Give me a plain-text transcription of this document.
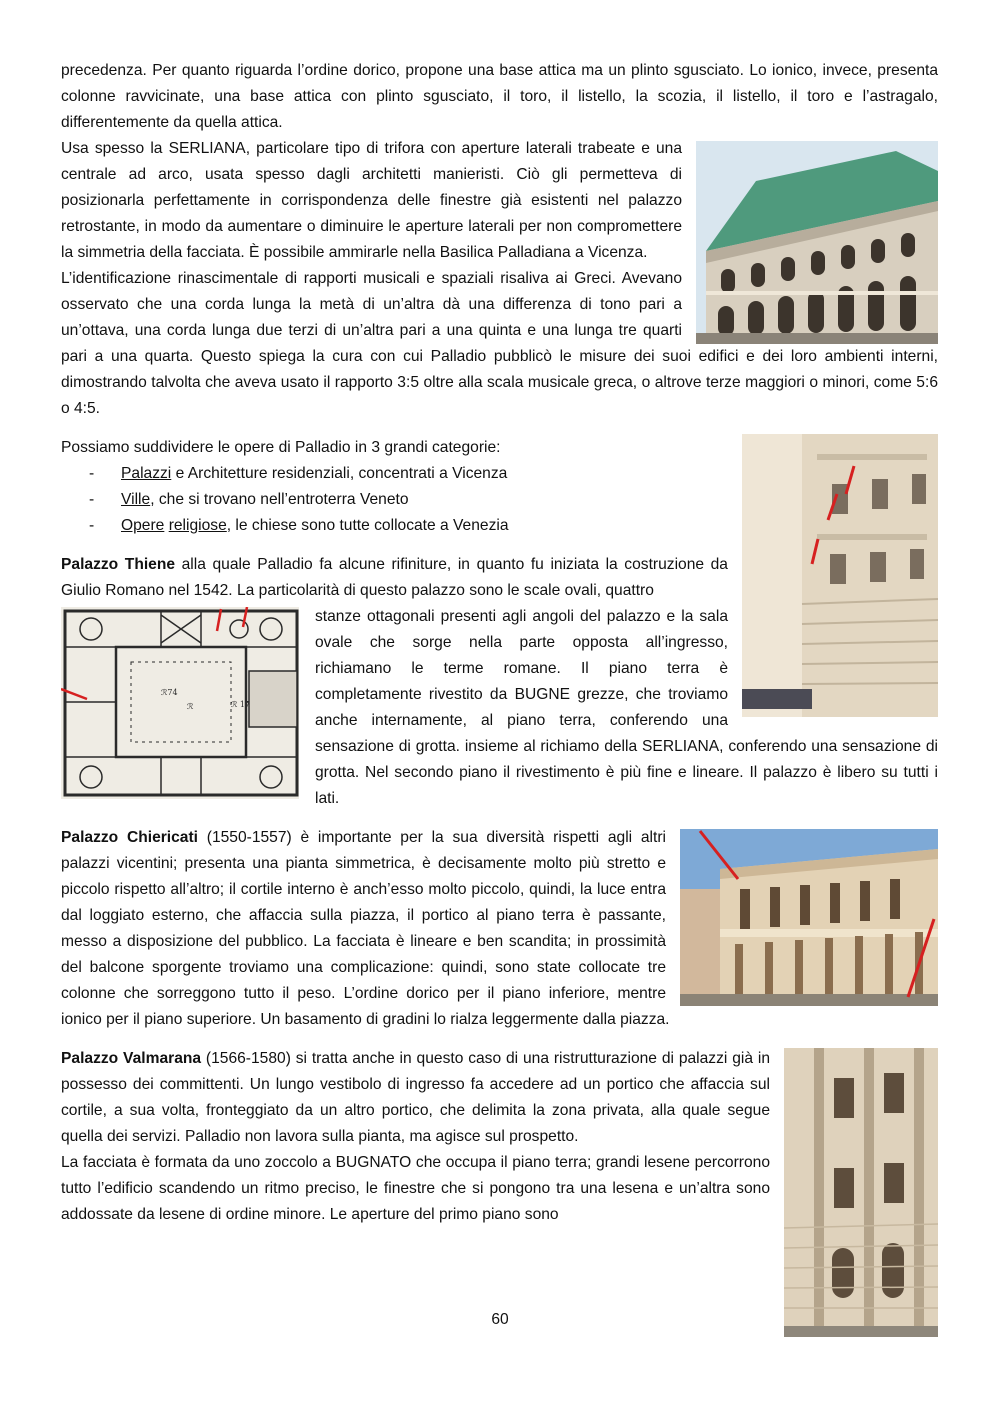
precedenza. Per quanto riguarda l’ordine dorico, propone una base attica ma un plinto sgusciato. Lo ionico, invece, presenta colonne ravvicinate, una base attica con plinto sgusciato, il toro, il listello, la scozia, il listello, il toro e l’astragalo, differentemente da quella attica.

Usa spesso la SERLIANA, particolare tipo di trifora con aperture laterali trabeate e una centrale ad arco, usata spesso dagli architetti manieristi. Ciò gli permetteva di posizionarla perfettamente in corrispondenza delle finestre già esistenti nel palazzo retrostante, in modo da aumentare o diminuire le aperture laterali per non compromettere la simmetria della facciata. È possibile ammirarle nella Basilica Palladiana a Vicenza.

L’identificazione rinascimentale di rapporti musicali e spaziali risaliva ai Greci. Avevano osservato che una corda lunga la metà di un’altra dà una differenza di tono pari a un’ottava, una corda lunga due terzi di un’altra pari a una quinta e una lunga tre quarti pari a una quarta. Questo spiega la cura con cui Palladio pubblicò le misure dei suoi edifici e dei loro ambienti interni, dimostrando talvolta che aveva usato il rapporto 3:5 oltre alla scala musicale greca, o altrove terze maggiori o minori, come 5:6 o 4:5.

Possiamo suddividere le opere di Palladio in 3 grandi categorie:

- Palazzi e Architetture residenziali, concentrati a Vicenza
- Ville, che si trovano nell’entroterra Veneto
- Opere religiose, le chiese sono tutte collocate a Venezia

Palazzo Thiene alla quale Palladio fa alcune rifiniture, in quanto fu iniziata la costruzione da Giulio Romano nel 1542. La particolarità di questo palazzo sono le scale ovali, quattro

ℛ74
ℛ	ℛ 17

stanze ottagonali presenti agli angoli del palazzo e la sala ovale che sorge nella parte opposta all’ingresso, richiamano le terme romane. Il piano terra è completamente rivestito da BUGNE grezze, che troviamo anche internamente, al piano terra, conferendo una sensazione di grotta. insieme al richiamo della SERLIANA, conferendo una sensazione di grotta. Nel secondo piano il rivestimento è più fine e lineare. Il palazzo è libero su tutti i lati.

Palazzo Chiericati (1550-1557) è importante per la sua diversità rispetti agli altri palazzi vicentini; presenta una pianta simmetrica, è decisamente molto più stretto e piccolo rispetto all’altro; il cortile interno è anch’esso molto piccolo, quindi, la luce entra dal loggiato esterno, che affaccia sulla piazza, il portico al piano terra è passante, messo a disposizione del pubblico. La facciata è lineare e ben scandita; in prossimità del balcone sporgente troviamo una complicazione: quindi, sono state collocate tre colonne che sorreggono tutto il peso. L’ordine dorico per il piano inferiore, mentre ionico per il piano superiore. Un basamento di gradini lo rialza leggermente dalla piazza.

Palazzo Valmarana (1566-1580) si tratta anche in questo caso di una ristrutturazione di palazzi già in possesso dei committenti. Un lungo vestibolo di ingresso fa accedere ad un portico che affaccia sul cortile, a sua volta, fronteggiato da un altro portico, che delimita la zona privata, alla quale segue quella dei servizi. Palladio non lavora sulla pianta, ma agisce sul prospetto.

La facciata è formata da uno zoccolo a BUGNATO che occupa il piano terra; grandi lesene percorrono tutto l’edificio scandendo un ritmo preciso, le finestre che si pongono tra una lesena e un’altra sono addossate da lesene di ordine minore. Le aperture del primo piano sono

60
